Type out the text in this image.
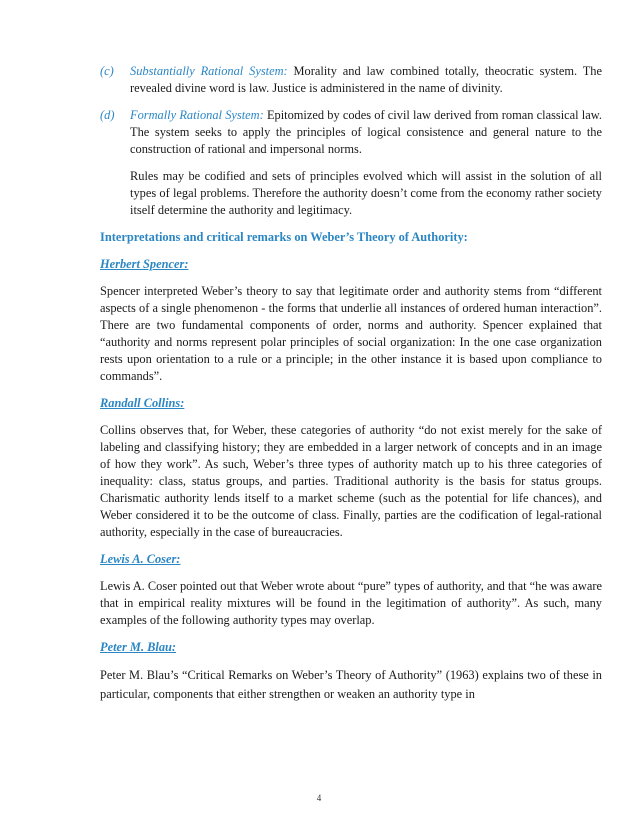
(c)	Substantially Rational System: Morality and law combined totally, theocratic system. The revealed divine word is law. Justice is administered in the name of divinity.
(d)	Formally Rational System: Epitomized by codes of civil law derived from roman classical law. The system seeks to apply the principles of logical consistence and general nature to the construction of rational and impersonal norms.

Rules may be codified and sets of principles evolved which will assist in the solution of all types of legal problems. Therefore the authority doesn’t come from the economy rather society itself determine the authority and legitimacy.

Interpretations and critical remarks on Weber’s Theory of Authority:
Herbert Spencer:

Spencer interpreted Weber’s theory to say that legitimate order and authority stems from “different aspects of a single phenomenon - the forms that underlie all instances of ordered human interaction”. There are two fundamental components of order, norms and authority. Spencer explained that “authority and norms represent polar principles of social organization: In the one case organization rests upon orientation to a rule or a principle; in the other instance it is based upon compliance to commands”.

Randall Collins:

Collins observes that, for Weber, these categories of authority “do not exist merely for the sake of labeling and classifying history; they are embedded in a larger network of concepts and in an image of how they work”. As such, Weber’s three types of authority match up to his three categories of inequality: class, status groups, and parties. Traditional authority is the basis for status groups. Charismatic authority lends itself to a market scheme (such as the potential for life chances), and Weber considered it to be the outcome of class. Finally, parties are the codification of legal-rational authority, especially in the case of bureaucracies.

Lewis A. Coser:

Lewis A. Coser pointed out that Weber wrote about “pure” types of authority, and that “he was aware that in empirical reality mixtures will be found in the legitimation of authority”. As such, many examples of the following authority types may overlap.

Peter M. Blau:

Peter M. Blau’s “Critical Remarks on Weber’s Theory of Authority” (1963) explains two of these in particular, components that either strengthen or weaken an authority type in

4
